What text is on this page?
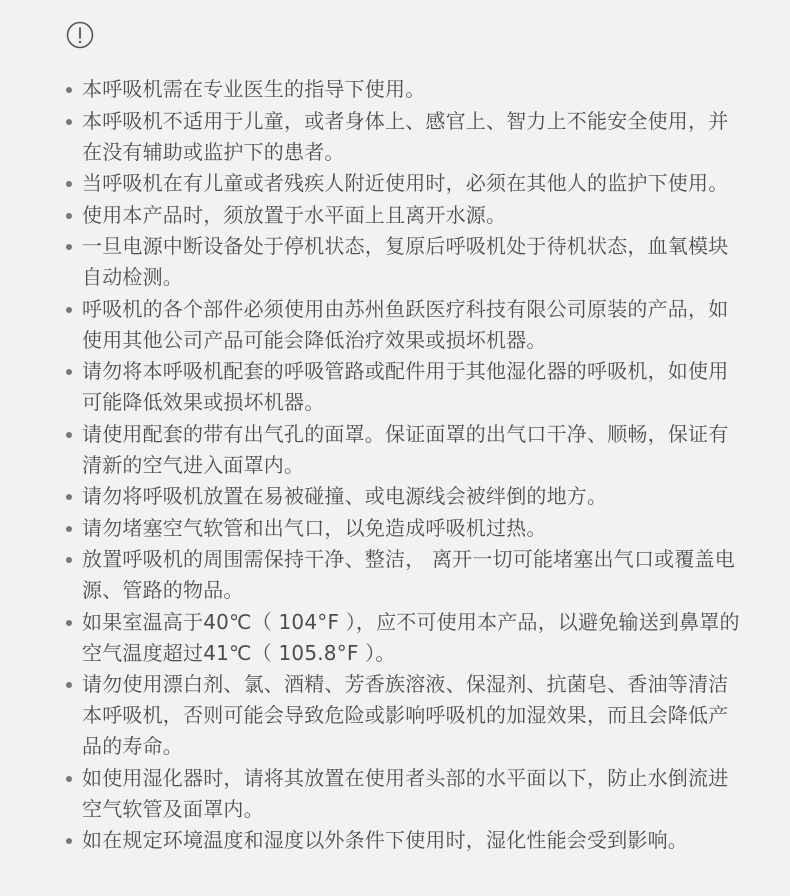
本呼吸机需在专业医生的指导下使用。
本呼吸机不适用于儿童，或者身体上、感官上、智力上不能安全使用，并在没有辅助或监护下的患者。
当呼吸机在有儿童或者残疾人附近使用时，必须在其他人的监护下使用。
使用本产品时，须放置于水平面上且离开水源。
一旦电源中断设备处于停机状态，复原后呼吸机处于待机状态，血氧模块自动检测。
呼吸机的各个部件必须使用由苏州鱼跃医疗科技有限公司原装的产品，如使用其他公司产品可能会降低治疗效果或损坏机器。
请勿将本呼吸机配套的呼吸管路或配件用于其他湿化器的呼吸机，如使用可能降低效果或损坏机器。
请使用配套的带有出气孔的面罩。保证面罩的出气口干净、顺畅，保证有清新的空气进入面罩内。
请勿将呼吸机放置在易被碰撞、或电源线会被绊倒的地方。
请勿堵塞空气软管和出气口，以免造成呼吸机过热。
放置呼吸机的周围需保持干净、整洁， 离开一切可能堵塞出气口或覆盖电源、管路的物品。
如果室温高于40℃（ 104°F ），应不可使用本产品，以避免输送到鼻罩的空气温度超过41℃（ 105.8°F ）。
请勿使用漂白剂、氯、酒精、芳香族溶液、保湿剂、抗菌皂、香油等清洁本呼吸机，否则可能会导致危险或影响呼吸机的加湿效果，而且会降低产品的寿命。
如使用湿化器时，请将其放置在使用者头部的水平面以下，防止水倒流进空气软管及面罩内。
如在规定环境温度和湿度以外条件下使用时，湿化性能会受到影响。
